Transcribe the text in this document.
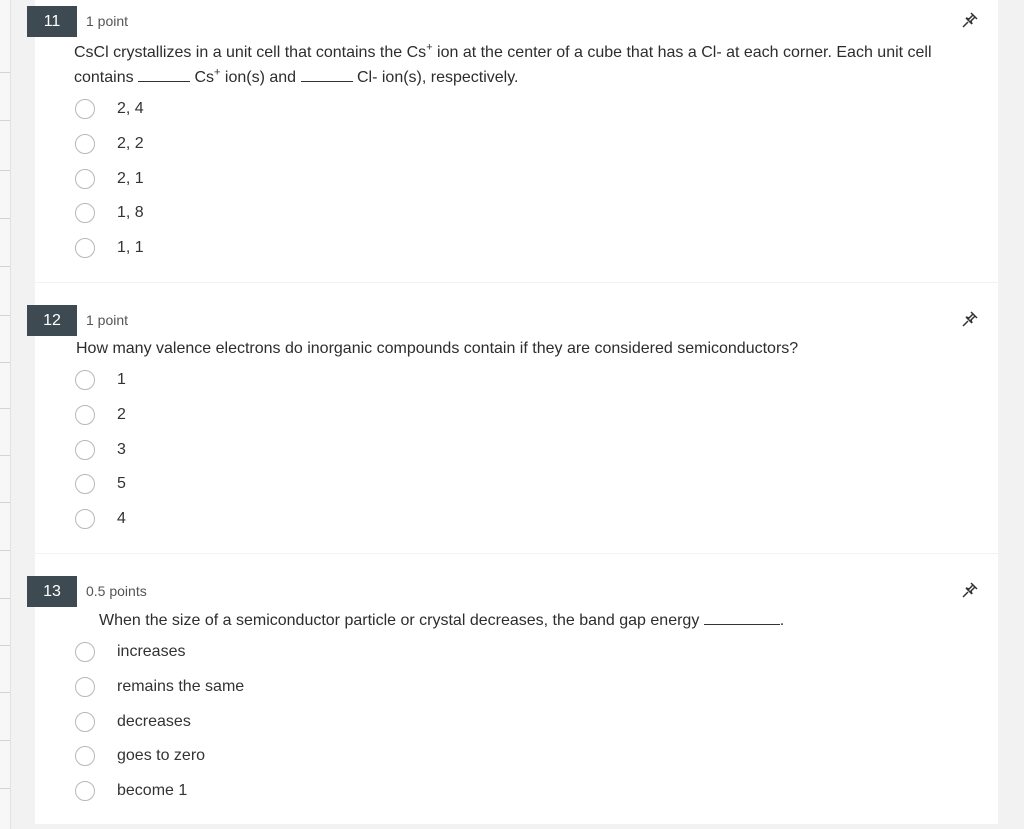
11	1 point
CsCl crystallizes in a unit cell that contains the Cs+ ion at the center of a cube that has a Cl- at each corner. Each unit cell
contains	Cs+ ion(s) and	Cl- ion(s), respectively.
2, 4
2, 2
2, 1
1, 8
1, 1
12	1 point
How many valence electrons do inorganic compounds contain if they are considered semiconductors?
1
2
3
5
4
13	0.5 points
When the size of a semiconductor particle or crystal decreases, the band gap energy	.
increases
remains the same
decreases
goes to zero
become 1
